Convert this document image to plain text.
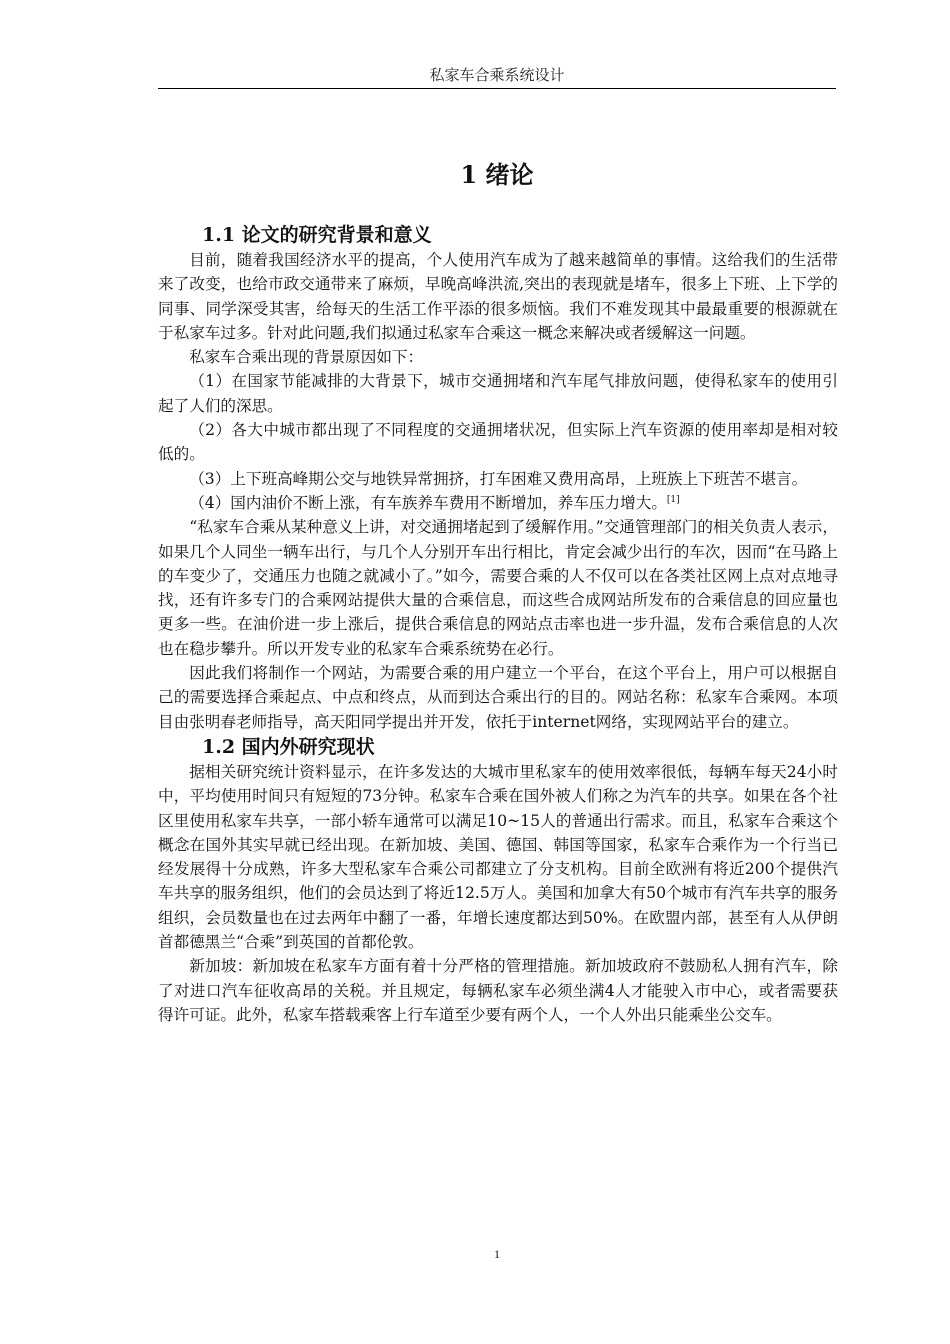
私家车合乘系统设计
1 绪论
1.1 论文的研究背景和意义

目前，随着我国经济水平的提高，个人使用汽车成为了越来越简单的事情。这给我们的生活带来了改变，也给市政交通带来了麻烦，早晚高峰洪流,突出的表现就是堵车，很多上下班、上下学的同事、同学深受其害，给每天的生活工作平添的很多烦恼。我们不难发现其中最最重要的根源就在于私家车过多。针对此问题,我们拟通过私家车合乘这一概念来解决或者缓解这一问题。

私家车合乘出现的背景原因如下：

（1）在国家节能减排的大背景下，城市交通拥堵和汽车尾气排放问题，使得私家车的使用引起了人们的深思。

（2）各大中城市都出现了不同程度的交通拥堵状况，但实际上汽车资源的使用率却是相对较低的。

（3）上下班高峰期公交与地铁异常拥挤，打车困难又费用高昂，上班族上下班苦不堪言。

（4）国内油价不断上涨，有车族养车费用不断增加，养车压力增大。[1]

“私家车合乘从某种意义上讲，对交通拥堵起到了缓解作用。”交通管理部门的相关负责人表示，如果几个人同坐一辆车出行，与几个人分别开车出行相比，肯定会减少出行的车次，因而“在马路上的车变少了，交通压力也随之就减小了。”如今，需要合乘的人不仅可以在各类社区网上点对点地寻找，还有许多专门的合乘网站提供大量的合乘信息，而这些合成网站所发布的合乘信息的回应量也更多一些。在油价进一步上涨后，提供合乘信息的网站点击率也进一步升温，发布合乘信息的人次也在稳步攀升。所以开发专业的私家车合乘系统势在必行。

因此我们将制作一个网站，为需要合乘的用户建立一个平台，在这个平台上，用户可以根据自己的需要选择合乘起点、中点和终点，从而到达合乘出行的目的。网站名称：私家车合乘网。本项目由张明春老师指导，高天阳同学提出并开发，依托于internet网络，实现网站平台的建立。

1.2 国内外研究现状

据相关研究统计资料显示，在许多发达的大城市里私家车的使用效率很低，每辆车每天24小时中，平均使用时间只有短短的73分钟。私家车合乘在国外被人们称之为汽车的共享。如果在各个社区里使用私家车共享，一部小轿车通常可以满足10~15人的普通出行需求。而且，私家车合乘这个概念在国外其实早就已经出现。在新加坡、美国、德国、韩国等国家，私家车合乘作为一个行当已经发展得十分成熟，许多大型私家车合乘公司都建立了分支机构。目前全欧洲有将近200个提供汽车共享的服务组织，他们的会员达到了将近12.5万人。美国和加拿大有50个城市有汽车共享的服务组织，会员数量也在过去两年中翻了一番，年增长速度都达到50%。在欧盟内部，甚至有人从伊朗首都德黑兰“合乘”到英国的首都伦敦。

新加坡：新加坡在私家车方面有着十分严格的管理措施。新加坡政府不鼓励私人拥有汽车，除了对进口汽车征收高昂的关税。并且规定，每辆私家车必须坐满4人才能驶入市中心，或者需要获得许可证。此外，私家车搭载乘客上行车道至少要有两个人，一个人外出只能乘坐公交车。

1
